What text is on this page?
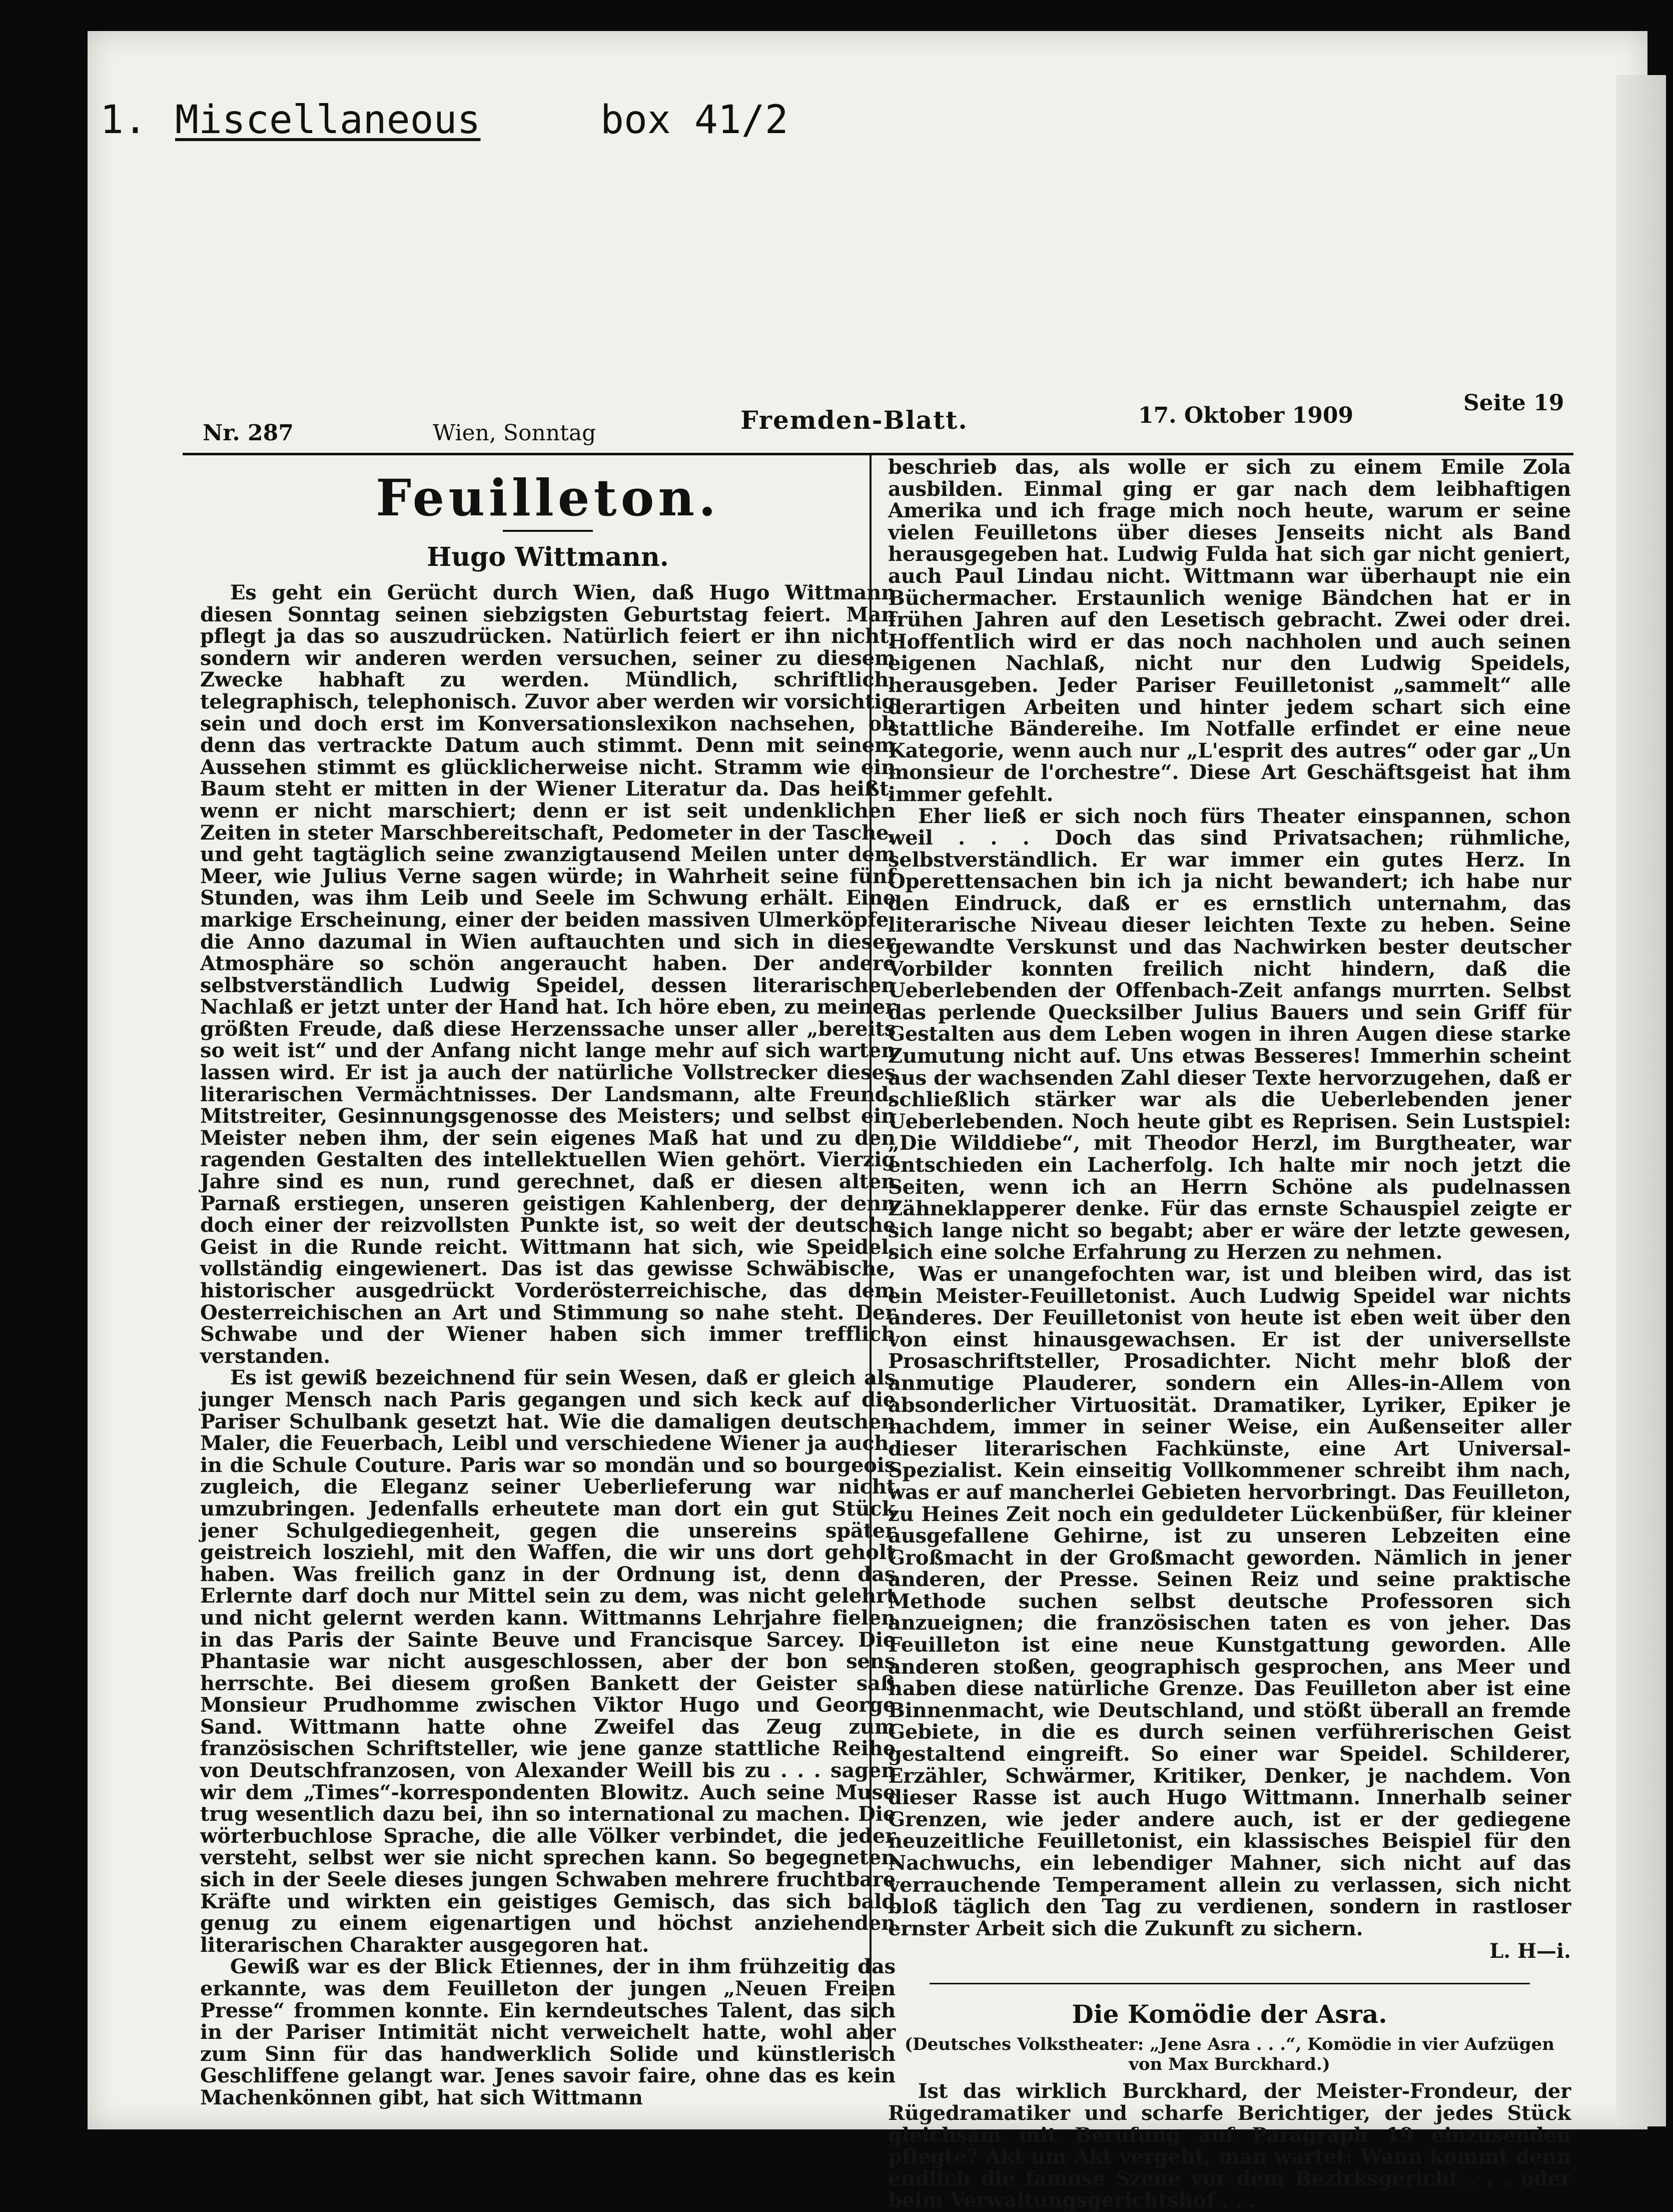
1.

Miscellaneous

	box 41/2

Nr. 287	Wien, Sonntag	Fremden-Blatt.	17. Oktober 1909	Seite 19
Feuilleton.
Hugo Wittmann.

Es geht ein Gerücht durch Wien, daß Hugo Wittmann diesen Sonntag seinen siebzigsten Geburtstag feiert. Man pflegt ja das so auszudrücken. Natürlich feiert er ihn nicht, sondern wir anderen werden versuchen, seiner zu diesem Zwecke habhaft zu werden. Mündlich, schriftlich, telegraphisch, telephonisch. Zuvor aber werden wir vorsichtig sein und doch erst im Konversationslexikon nachsehen, ob denn das vertrackte Datum auch stimmt. Denn mit seinem Aussehen stimmt es glücklicherweise nicht. Stramm wie ein Baum steht er mitten in der Wiener Literatur da. Das heißt, wenn er nicht marschiert; denn er ist seit undenklichen Zeiten in steter Marschbereitschaft, Pedometer in der Tasche, und geht tagtäglich seine zwanzigtausend Meilen unter dem Meer, wie Julius Verne sagen würde; in Wahrheit seine fünf Stunden, was ihm Leib und Seele im Schwung erhält. Eine markige Erscheinung, einer der beiden massiven Ulmerköpfe, die Anno dazumal in Wien auftauchten und sich in dieser Atmosphäre so schön angeraucht haben. Der andere selbstverständlich Ludwig Speidel, dessen literarischen Nachlaß er jetzt unter der Hand hat. Ich höre eben, zu meiner größten Freude, daß diese Herzenssache unser aller „bereits so weit ist“ und der Anfang nicht lange mehr auf sich warten lassen wird. Er ist ja auch der natürliche Vollstrecker dieses literarischen Vermächtnisses. Der Landsmann, alte Freund, Mitstreiter, Gesinnungsgenosse des Meisters; und selbst ein Meister neben ihm, der sein eigenes Maß hat und zu den ragenden Gestalten des intellektuellen Wien gehört. Vierzig Jahre sind es nun, rund gerechnet, daß er diesen alten Parnaß erstiegen, unseren geistigen Kahlenberg, der denn doch einer der reizvollsten Punkte ist, so weit der deutsche Geist in die Runde reicht. Wittmann hat sich, wie Speidel, vollständig eingewienert. Das ist das gewisse Schwäbische, historischer ausgedrückt Vorderösterreichische, das dem Oesterreichischen an Art und Stimmung so nahe steht. Der Schwabe und der Wiener haben sich immer trefflich verstanden.

Es ist gewiß bezeichnend für sein Wesen, daß er gleich als junger Mensch nach Paris gegangen und sich keck auf die Pariser Schulbank gesetzt hat. Wie die damaligen deutschen Maler, die Feuerbach, Leibl und verschiedene Wiener ja auch, in die Schule Couture. Paris war so mondän und so bourgeois zugleich, die Eleganz seiner Ueberlieferung war nicht umzubringen. Jedenfalls erheutete man dort ein gut Stück jener Schulgediegenheit, gegen die unsereins später geistreich losziehl, mit den Waffen, die wir uns dort geholt haben. Was freilich ganz in der Ordnung ist, denn das Erlernte darf doch nur Mittel sein zu dem, was nicht gelehrt und nicht gelernt werden kann. Wittmanns Lehrjahre fielen in das Paris der Sainte Beuve und Francisque Sarcey. Die Phantasie war nicht ausgeschlossen, aber der bon sens herrschte. Bei diesem großen Bankett der Geister saß Monsieur Prudhomme zwischen Viktor Hugo und George Sand. Wittmann hatte ohne Zweifel das Zeug zum französischen Schriftsteller, wie jene ganze stattliche Reihe von Deutschfranzosen, von Alexander Weill bis zu . . . sagen wir dem „Times“-korrespondenten Blowitz. Auch seine Muse trug wesentlich dazu bei, ihn so international zu machen. Die wörterbuchlose Sprache, die alle Völker verbindet, die jeder versteht, selbst wer sie nicht sprechen kann. So begegneten sich in der Seele dieses jungen Schwaben mehrere fruchtbare Kräfte und wirkten ein geistiges Gemisch, das sich bald genug zu einem eigenartigen und höchst anziehenden literarischen Charakter ausgegoren hat.

Gewiß war es der Blick Etiennes, der in ihm frühzeitig das erkannte, was dem Feuilleton der jungen „Neuen Freien Presse“ frommen konnte. Ein kerndeutsches Talent, das sich in der Pariser Intimität nicht verweichelt hatte, wohl aber zum Sinn für das handwerklich Solide und künstlerisch Geschliffene gelangt war. Jenes savoir faire, ohne das es kein Machenkönnen gibt, hat sich Wittmann

beschrieb das, als wolle er sich zu einem Emile Zola ausbilden. Einmal ging er gar nach dem leibhaftigen Amerika und ich frage mich noch heute, warum er seine vielen Feuilletons über dieses Jenseits nicht als Band herausgegeben hat. Ludwig Fulda hat sich gar nicht geniert, auch Paul Lindau nicht. Wittmann war überhaupt nie ein Büchermacher. Erstaunlich wenige Bändchen hat er in frühen Jahren auf den Lesetisch gebracht. Zwei oder drei. Hoffentlich wird er das noch nachholen und auch seinen eigenen Nachlaß, nicht nur den Ludwig Speidels, herausgeben. Jeder Pariser Feuilletonist „sammelt“ alle derartigen Arbeiten und hinter jedem schart sich eine stattliche Bändereihe. Im Notfalle erfindet er eine neue Kategorie, wenn auch nur „L'esprit des autres“ oder gar „Un monsieur de l'orchestre“. Diese Art Geschäftsgeist hat ihm immer gefehlt.

Eher ließ er sich noch fürs Theater einspannen, schon weil . . . Doch das sind Privatsachen; rühmliche, selbstverständlich. Er war immer ein gutes Herz. In Operettensachen bin ich ja nicht bewandert; ich habe nur den Eindruck, daß er es ernstlich unternahm, das literarische Niveau dieser leichten Texte zu heben. Seine gewandte Verskunst und das Nachwirken bester deutscher Vorbilder konnten freilich nicht hindern, daß die Ueberlebenden der Offenbach-Zeit anfangs murrten. Selbst das perlende Quecksilber Julius Bauers und sein Griff für Gestalten aus dem Leben wogen in ihren Augen diese starke Zumutung nicht auf. Uns etwas Besseres! Immerhin scheint aus der wachsenden Zahl dieser Texte hervorzugehen, daß er schließlich stärker war als die Ueberlebenden jener Ueberlebenden. Noch heute gibt es Reprisen. Sein Lustspiel: „Die Wilddiebe“, mit Theodor Herzl, im Burgtheater, war entschieden ein Lacherfolg. Ich halte mir noch jetzt die Seiten, wenn ich an Herrn Schöne als pudelnassen Zähneklapperer denke. Für das ernste Schauspiel zeigte er sich lange nicht so begabt; aber er wäre der letzte gewesen, sich eine solche Erfahrung zu Herzen zu nehmen.

Was er unangefochten war, ist und bleiben wird, das ist ein Meister-Feuilletonist. Auch Ludwig Speidel war nichts anderes. Der Feuilletonist von heute ist eben weit über den von einst hinausgewachsen. Er ist der universellste Prosaschriftsteller, Prosadichter. Nicht mehr bloß der anmutige Plauderer, sondern ein Alles-in-Allem von absonderlicher Virtuosität. Dramatiker, Lyriker, Epiker je nachdem, immer in seiner Weise, ein Außenseiter aller dieser literarischen Fachkünste, eine Art Universal-Spezialist. Kein einseitig Vollkommener schreibt ihm nach, was er auf mancherlei Gebieten hervorbringt. Das Feuilleton, zu Heines Zeit noch ein geduldeter Lückenbüßer, für kleiner ausgefallene Gehirne, ist zu unseren Lebzeiten eine Großmacht in der Großmacht geworden. Nämlich in jener anderen, der Presse. Seinen Reiz und seine praktische Methode suchen selbst deutsche Professoren sich anzueignen; die französischen taten es von jeher. Das Feuilleton ist eine neue Kunstgattung geworden. Alle anderen stoßen, geographisch gesprochen, ans Meer und haben diese natürliche Grenze. Das Feuilleton aber ist eine Binnenmacht, wie Deutschland, und stößt überall an fremde Gebiete, in die es durch seinen verführerischen Geist gestaltend eingreift. So einer war Speidel. Schilderer, Erzähler, Schwärmer, Kritiker, Denker, je nachdem. Von dieser Rasse ist auch Hugo Wittmann. Innerhalb seiner Grenzen, wie jeder andere auch, ist er der gediegene neuzeitliche Feuilletonist, ein klassisches Beispiel für den Nachwuchs, ein lebendiger Mahner, sich nicht auf das verrauchende Temperament allein zu verlassen, sich nicht bloß täglich den Tag zu verdienen, sondern in rastloser ernster Arbeit sich die Zukunft zu sichern.

L. H—i.
Die Komödie der Asra.
(Deutsches Volkstheater: „Jene Asra . . .“, Komödie in vier Aufzügen von Max Burckhard.)

Ist das wirklich Burckhard, der Meister-Frondeur, der Rügedramatiker und scharfe Berichtiger, der jedes Stück gleichsam mit Berufung auf Paragraph 19 einzusenden pflegte? Akt um Akt vergeht, man wartet: Wann kommt denn endlich die famose Szene vor dem Bezirksgericht . . . oder beim Verwaltungsgerichtshof . . .
